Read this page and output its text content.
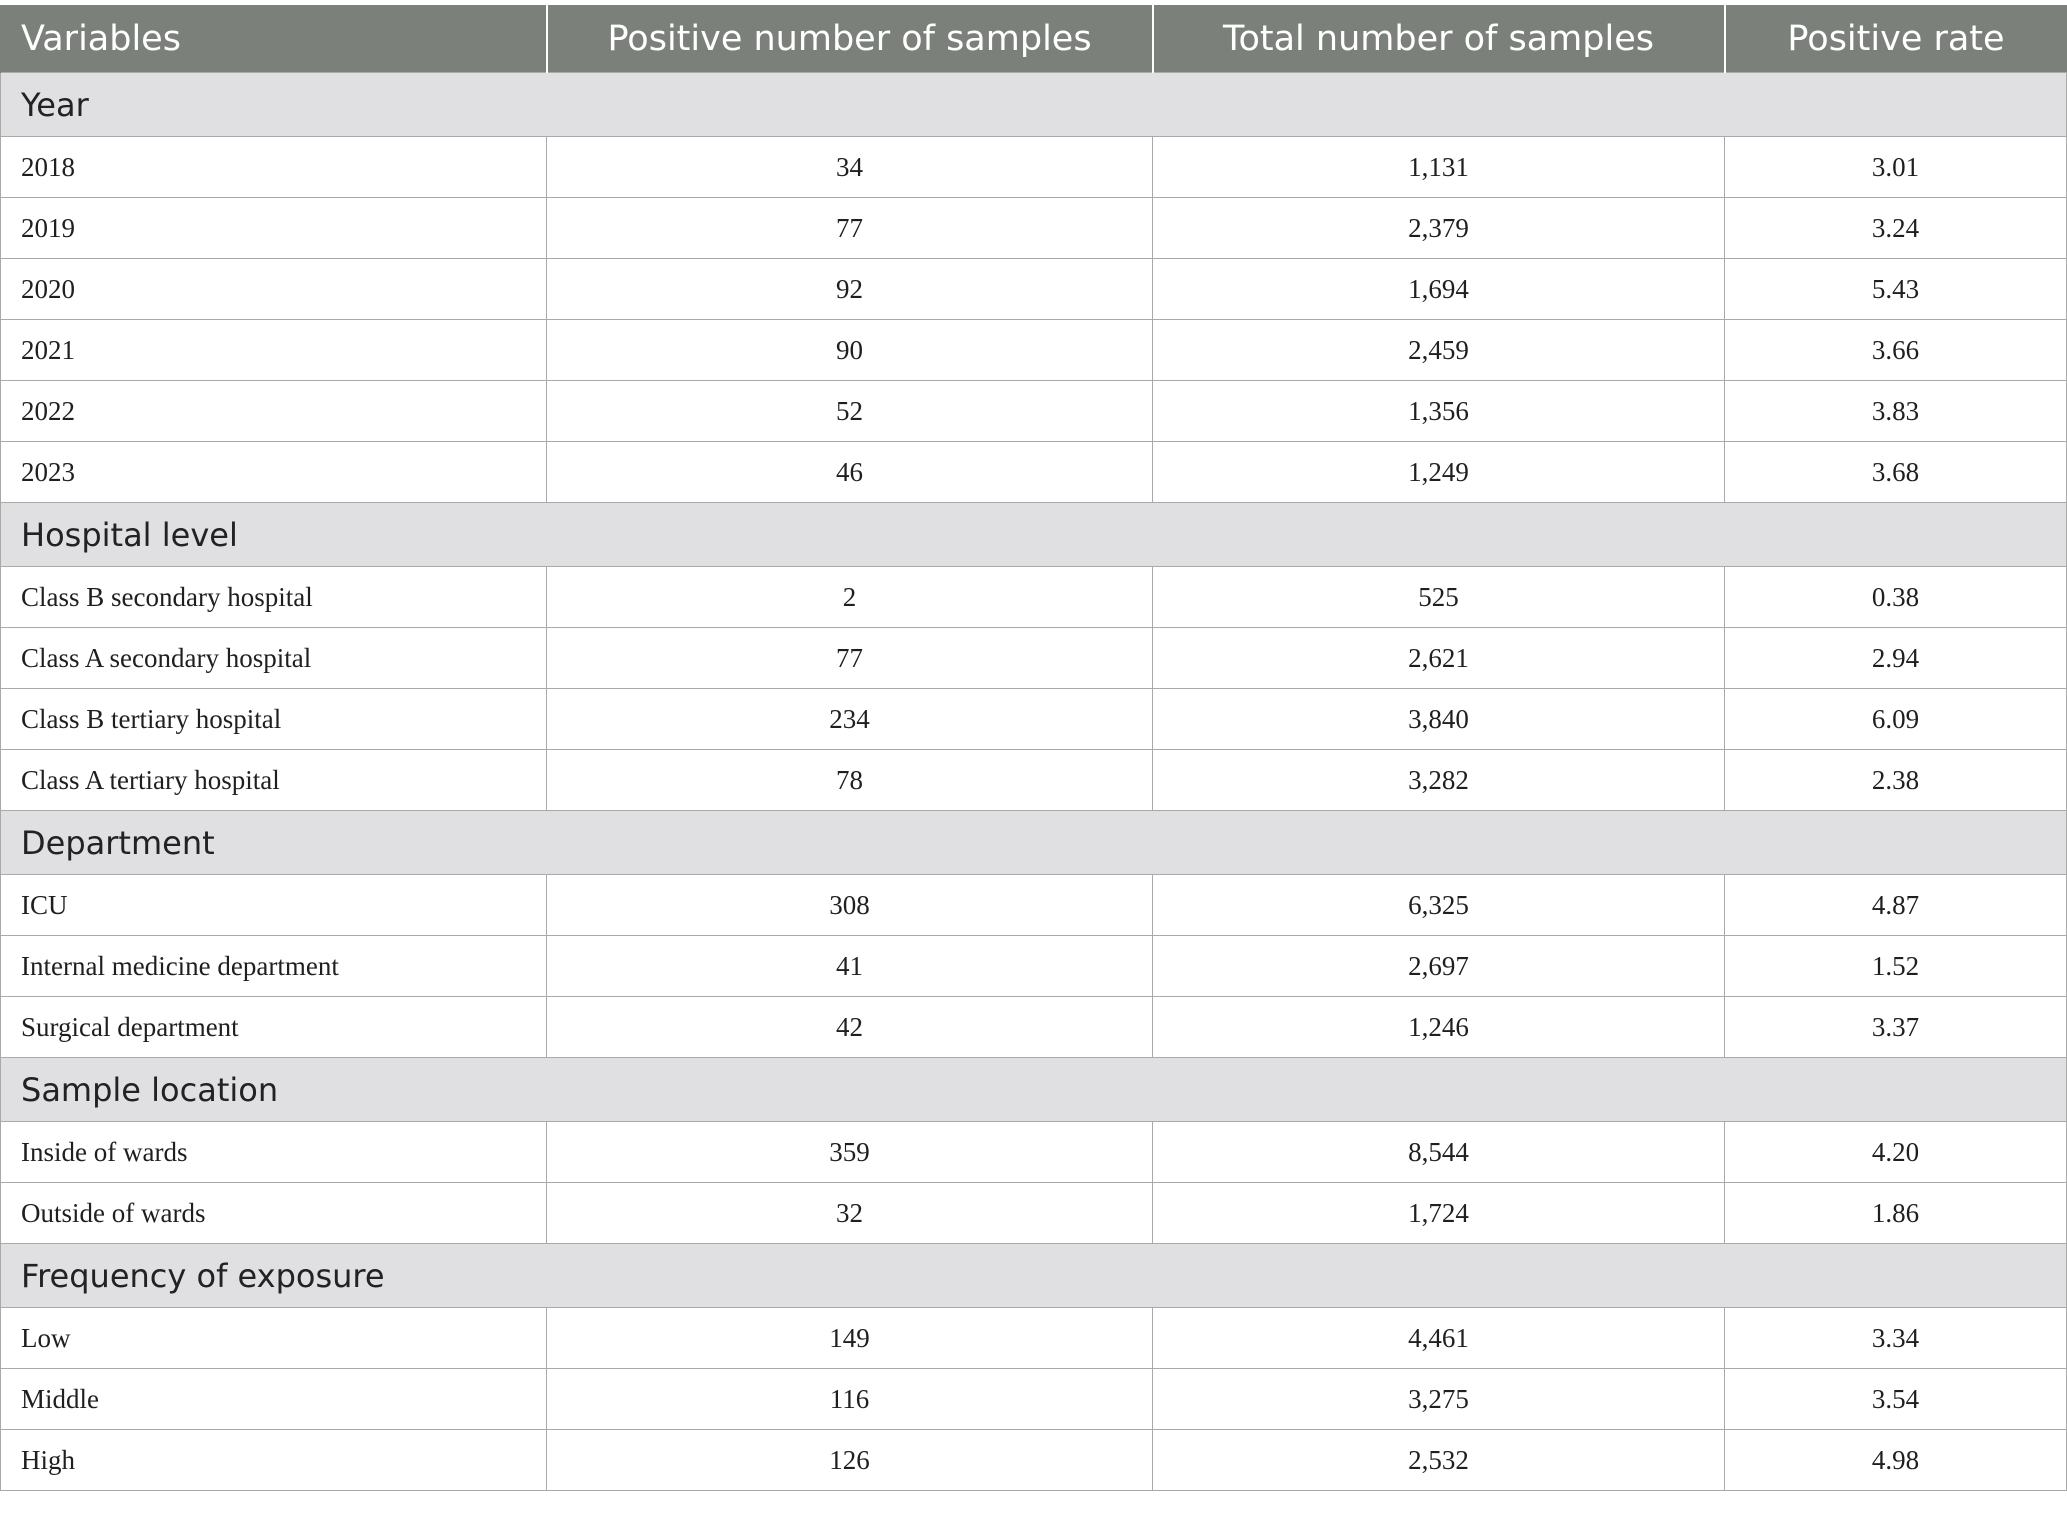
Variables	Positive number of samples	Total number of samples	Positive rate
Year			
2018	34	1,131	3.01
2019	77	2,379	3.24
2020	92	1,694	5.43
2021	90	2,459	3.66
2022	52	1,356	3.83
2023	46	1,249	3.68
Hospital level			
Class B secondary hospital	2	525	0.38
Class A secondary hospital	77	2,621	2.94
Class B tertiary hospital	234	3,840	6.09
Class A tertiary hospital	78	3,282	2.38
Department			
ICU	308	6,325	4.87
Internal medicine department	41	2,697	1.52
Surgical department	42	1,246	3.37
Sample location			
Inside of wards	359	8,544	4.20
Outside of wards	32	1,724	1.86
Frequency of exposure			
Low	149	4,461	3.34
Middle	116	3,275	3.54
High	126	2,532	4.98
